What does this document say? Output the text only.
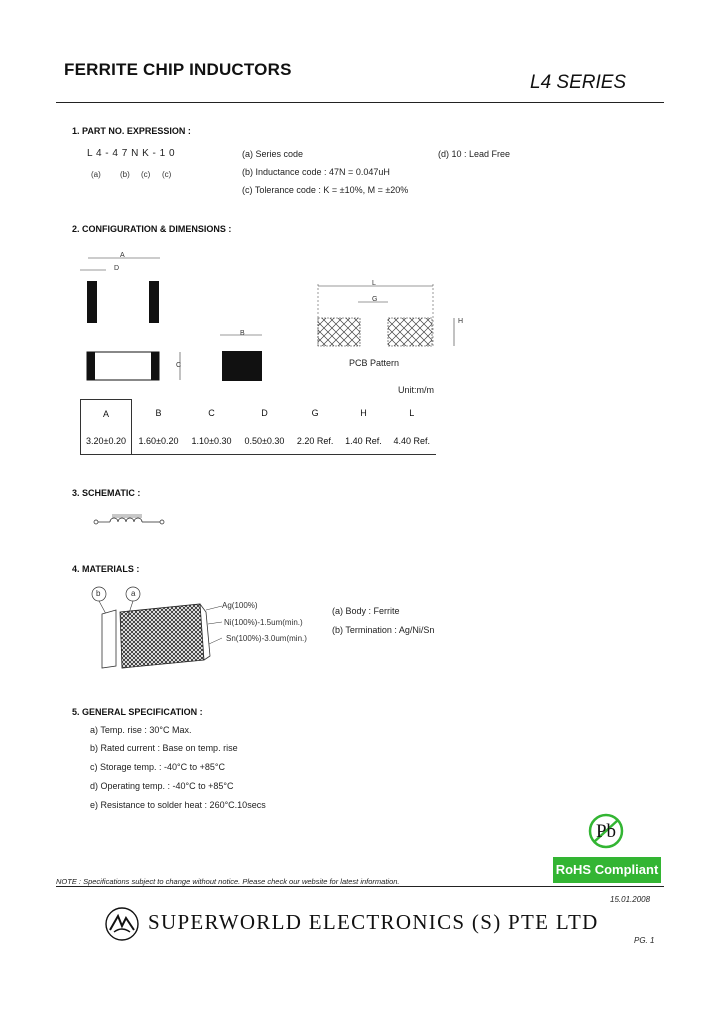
FERRITE CHIP INDUCTORS
L4 SERIES
1. PART NO. EXPRESSION :
L 4 - 4 7 N K - 1 0
(a) (b) (c) (c)
(a) Series code
(b) Inductance code : 47N = 0.047uH
(c) Tolerance code : K = ±10%, M = ±20%
(d) 10 : Lead Free
2. CONFIGURATION & DIMENSIONS :
A
D
C
B
L
G
H
PCB Pattern
Unit:m/m
A	B	C	D	G	H	L
3.20±0.20	1.60±0.20	1.10±0.30	0.50±0.30	2.20 Ref.	1.40 Ref.	4.40 Ref.
3. SCHEMATIC :
4. MATERIALS :
b	a
Ag(100%)
Ni(100%)-1.5um(min.)
Sn(100%)-3.0um(min.)
(a) Body : Ferrite
(b) Termination : Ag/Ni/Sn
5. GENERAL SPECIFICATION :
a) Temp. rise : 30°C Max.
b) Rated current : Base on temp. rise
c) Storage temp. : -40°C to +85°C
d) Operating temp. : -40°C to +85°C
e) Resistance to solder heat : 260°C.10secs
Pb
RoHS Compliant
NOTE : Specifications subject to change without notice. Please check our website for latest information.
15.01.2008
SUPERWORLD ELECTRONICS (S) PTE LTD
PG. 1
